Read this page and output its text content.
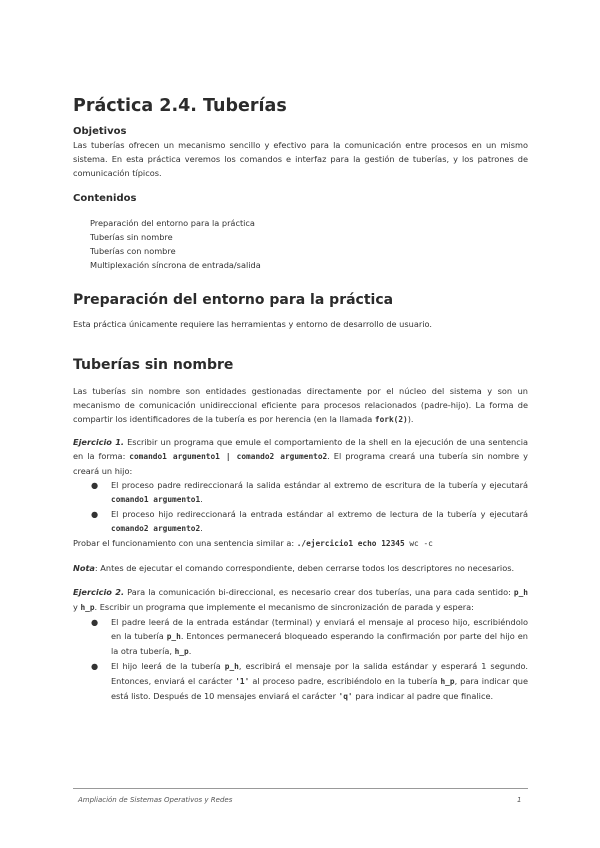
Práctica 2.4. Tuberías
Objetivos

Las tuberías ofrecen un mecanismo sencillo y efectivo para la comunicación entre procesos en un mismo sistema. En esta práctica veremos los comandos e interfaz para la gestión de tuberías, y los patrones de comunicación típicos.

Contenidos
Preparación del entorno para la práctica
Tuberías sin nombre
Tuberías con nombre
Multiplexación síncrona de entrada/salida
Preparación del entorno para la práctica

Esta práctica únicamente requiere las herramientas y entorno de desarrollo de usuario.

Tuberías sin nombre

Las tuberías sin nombre son entidades gestionadas directamente por el núcleo del sistema y son un mecanismo de comunicación unidireccional eficiente para procesos relacionados (padre-hijo). La forma de compartir los identificadores de la tubería es por herencia (en la llamada fork(2)).

Ejercicio 1. Escribir un programa que emule el comportamiento de la shell en la ejecución de una sentencia en la forma: comando1 argumento1 | comando2 argumento2. El programa creará una tubería sin nombre y creará un hijo:

● El proceso padre redireccionará la salida estándar al extremo de escritura de la tubería y ejecutará comando1 argumento1.
● El proceso hijo redireccionará la entrada estándar al extremo de lectura de la tubería y ejecutará comando2 argumento2.

Probar el funcionamiento con una sentencia similar a: ./ejercicio1 echo 12345 wc -c

Nota: Antes de ejecutar el comando correspondiente, deben cerrarse todos los descriptores no necesarios.

Ejercicio 2. Para la comunicación bi-direccional, es necesario crear dos tuberías, una para cada sentido: p_h y h_p. Escribir un programa que implemente el mecanismo de sincronización de parada y espera:

● El padre leerá de la entrada estándar (terminal) y enviará el mensaje al proceso hijo, escribiéndolo en la tubería p_h. Entonces permanecerá bloqueado esperando la confirmación por parte del hijo en la otra tubería, h_p.
● El hijo leerá de la tubería p_h, escribirá el mensaje por la salida estándar y esperará 1 segundo. Entonces, enviará el carácter '1' al proceso padre, escribiéndolo en la tubería h_p, para indicar que está listo. Después de 10 mensajes enviará el carácter 'q' para indicar al padre que finalice.
Ampliación de Sistemas Operativos y Redes	1
